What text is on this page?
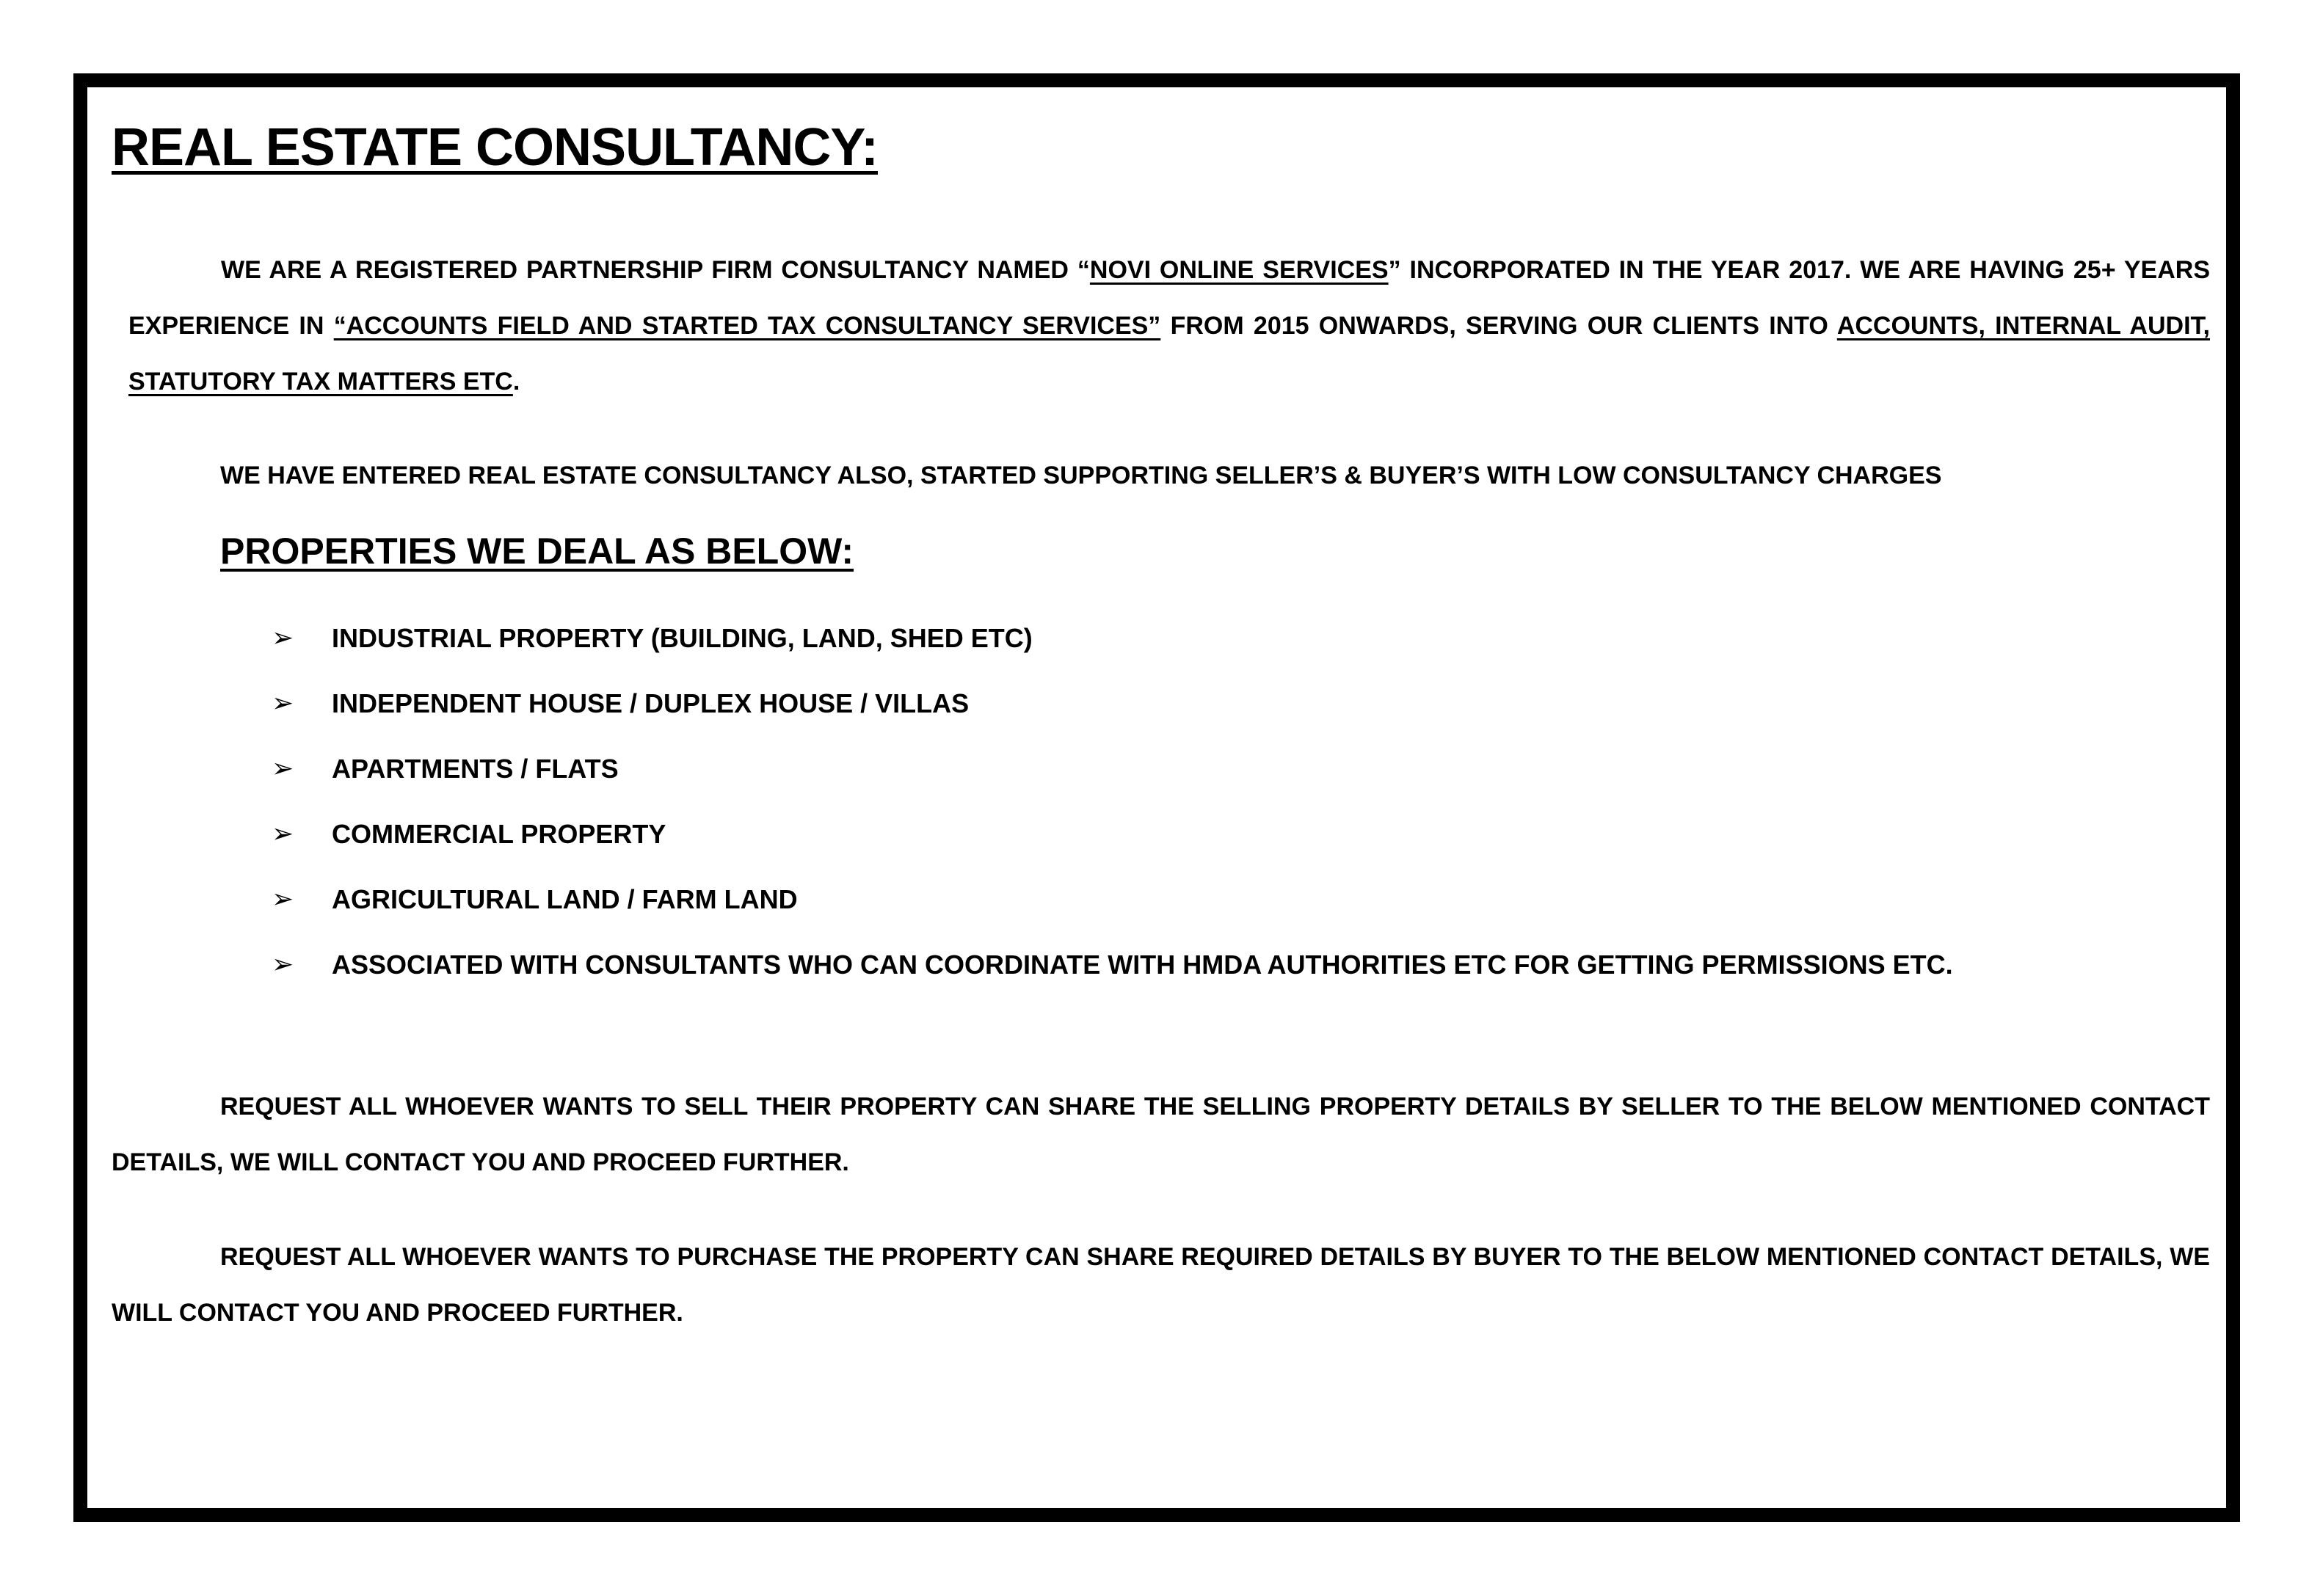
REAL ESTATE CONSULTANCY:

WE ARE A REGISTERED PARTNERSHIP FIRM CONSULTANCY NAMED “NOVI ONLINE SERVICES” INCORPORATED IN THE YEAR 2017. WE ARE HAVING 25+ YEARS EXPERIENCE IN “ACCOUNTS FIELD AND STARTED TAX CONSULTANCY SERVICES” FROM 2015 ONWARDS, SERVING OUR CLIENTS INTO ACCOUNTS, INTERNAL AUDIT, STATUTORY TAX MATTERS ETC.

WE HAVE ENTERED REAL ESTATE CONSULTANCY ALSO, STARTED SUPPORTING SELLER’S & BUYER’S WITH LOW CONSULTANCY CHARGES

PROPERTIES WE DEAL AS BELOW:
➢	INDUSTRIAL PROPERTY (BUILDING, LAND, SHED ETC)
➢	INDEPENDENT HOUSE / DUPLEX HOUSE / VILLAS
➢	APARTMENTS / FLATS
➢	COMMERCIAL PROPERTY
➢	AGRICULTURAL LAND / FARM LAND
➢	ASSOCIATED WITH CONSULTANTS WHO CAN COORDINATE WITH HMDA AUTHORITIES ETC FOR GETTING PERMISSIONS ETC.

REQUEST ALL WHOEVER WANTS TO SELL THEIR PROPERTY CAN SHARE THE SELLING PROPERTY DETAILS BY SELLER TO THE BELOW MENTIONED CONTACT DETAILS, WE WILL CONTACT YOU AND PROCEED FURTHER.

REQUEST ALL WHOEVER WANTS TO PURCHASE THE PROPERTY CAN SHARE REQUIRED DETAILS BY BUYER TO THE BELOW MENTIONED CONTACT DETAILS, WE WILL CONTACT YOU AND PROCEED FURTHER.
